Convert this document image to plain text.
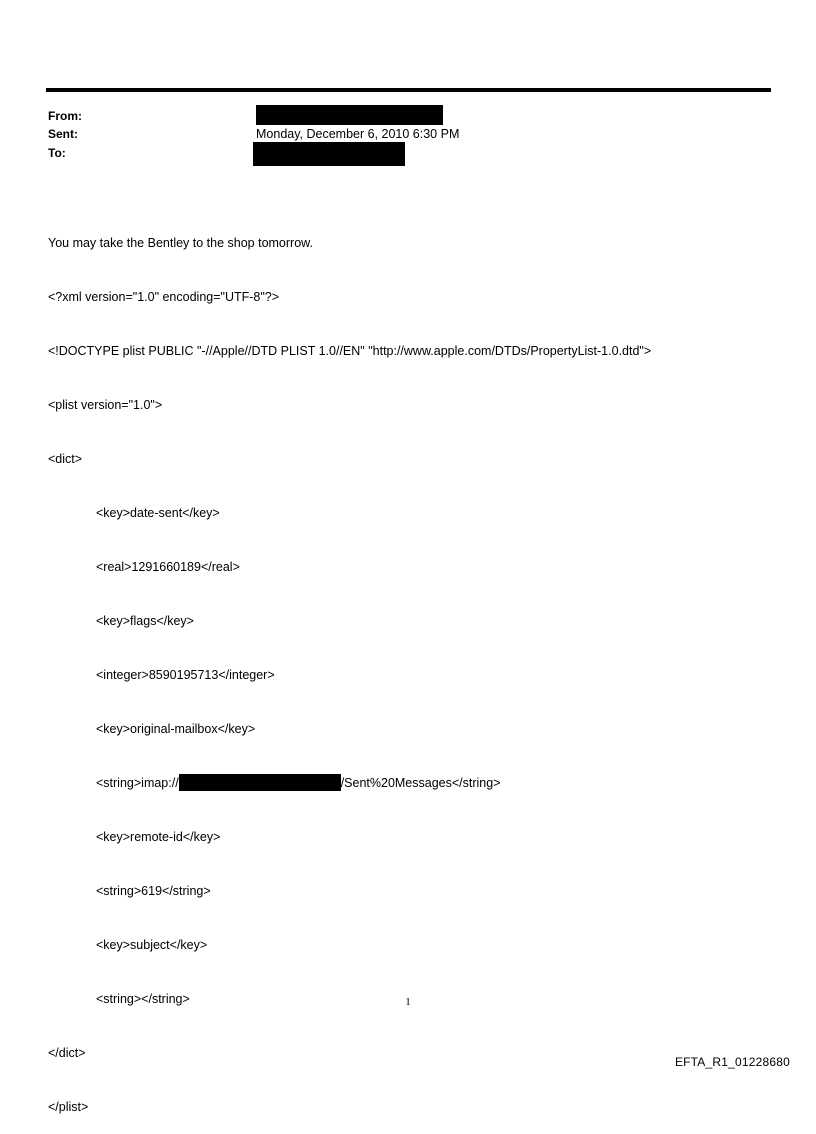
From:
Sent:	Monday, December 6, 2010 6:30 PM
To:

You may take the Bentley to the shop tomorrow.

<?xml version="1.0" encoding="UTF-8"?>

<!DOCTYPE plist PUBLIC "-//Apple//DTD PLIST 1.0//EN" "http://www.apple.com/DTDs/PropertyList-1.0.dtd">

<plist version="1.0">

<dict>

<key>date-sent</key>

<real>1291660189</real>

<key>flags</key>

<integer>8590195713</integer>

<key>original-mailbox</key>

<string>imap://	/Sent%20Messages</string>

<key>remote-id</key>

<string>619</string>

<key>subject</key>

<string></string>

</dict>

</plist>

1
EFTA_R1_01228680
